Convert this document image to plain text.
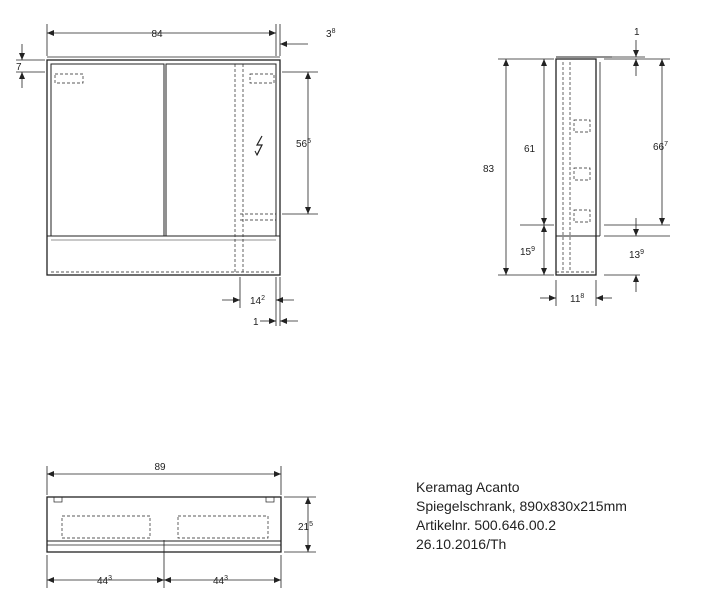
84	$3^8$
7
$56^5$
$14^2$
1
1
83
61
$15^9$
$66^7$
$13^9$
$11^8$
89
$21^5$
$44^3$	$44^3$
Keramag Acanto
Spiegelschrank, 890x830x215mm
Artikelnr. 500.646.00.2
26.10.2016/Th
